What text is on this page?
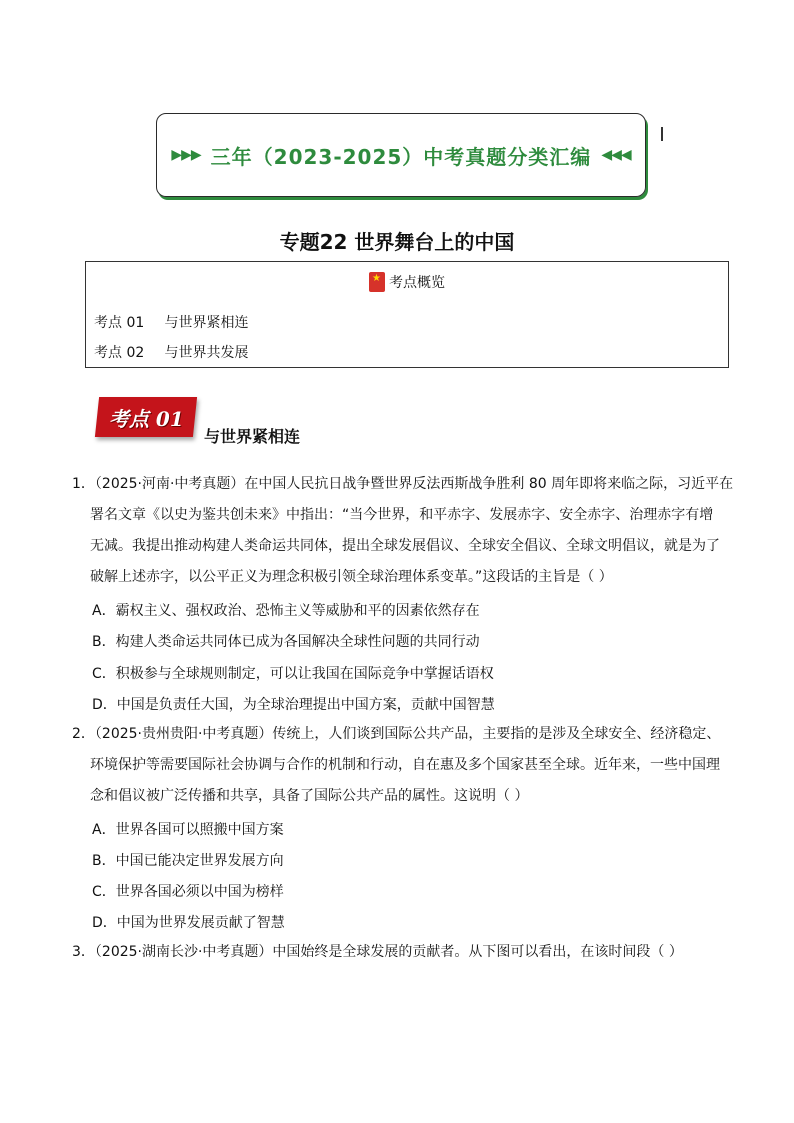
▶▶▶ 三年（2023-2025）中考真题分类汇编 ◀◀◀
专题22 世界舞台上的中国
★
考点概览
考点 01 与世界紧相连
考点 02 与世界共发展
考点 01
与世界紧相连
1．（2025·河南·中考真题）在中国人民抗日战争暨世界反法西斯战争胜利 80 周年即将来临之际，习近平在
署名文章《以史为鉴共创未来》中指出：“当今世界，和平赤字、发展赤字、安全赤字、治理赤字有增
无减。我提出推动构建人类命运共同体，提出全球发展倡议、全球安全倡议、全球文明倡议，就是为了
破解上述赤字，以公平正义为理念积极引领全球治理体系变革。”这段话的主旨是（ ）
A．霸权主义、强权政治、恐怖主义等威胁和平的因素依然存在
B．构建人类命运共同体已成为各国解决全球性问题的共同行动
C．积极参与全球规则制定，可以让我国在国际竞争中掌握话语权
D．中国是负责任大国，为全球治理提出中国方案，贡献中国智慧
2．（2025·贵州贵阳·中考真题）传统上，人们谈到国际公共产品，主要指的是涉及全球安全、经济稳定、
环境保护等需要国际社会协调与合作的机制和行动，自在惠及多个国家甚至全球。近年来，一些中国理
念和倡议被广泛传播和共享，具备了国际公共产品的属性。这说明（ ）
A．世界各国可以照搬中国方案
B．中国已能决定世界发展方向
C．世界各国必须以中国为榜样
D．中国为世界发展贡献了智慧
3．（2025·湖南长沙·中考真题）中国始终是全球发展的贡献者。从下图可以看出，在该时间段（ ）
